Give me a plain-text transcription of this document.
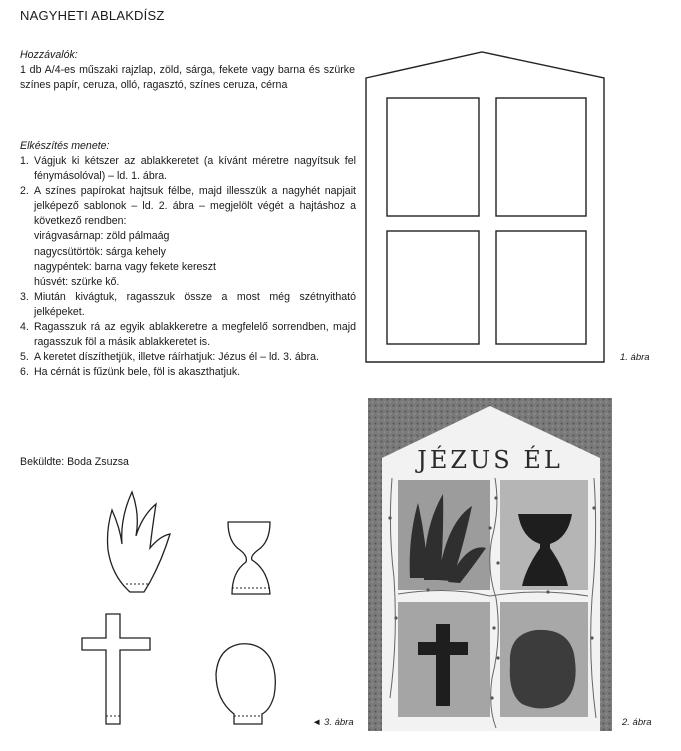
NAGYHETI ABLAKDÍSZ
Hozzávalók:
1 db A/4-es műszaki rajzlap, zöld, sárga, fekete vagy barna és szürke színes papír, ceruza, olló, ragasztó, színes ceruza, cérna
Elkészítés menete:
1. Vágjuk ki kétszer az ablakkeretet (a kívánt méretre nagyítsuk fel fénymásolóval) – ld. 1. ábra.
2. A színes papírokat hajtsuk félbe, majd illesszük a nagyhét napjait jelképező sablonok – ld. 2. ábra – megjelölt végét a hajtáshoz a következő rendben:
virágvasárnap: zöld pálmaág
nagycsütörtök: sárga kehely
nagypéntek: barna vagy fekete kereszt
húsvét: szürke kő.
3. Miután kivágtuk, ragasszuk össze a most még szétnyitható jelképeket.
4. Ragasszuk rá az egyik ablakkeretre a megfelelő sorrendben, majd ragasszuk föl a másik ablakkeretet is.
5. A keretet díszíthetjük, illetve ráírhatjuk: Jézus él – ld. 3. ábra.
6. Ha cérnát is fűzünk bele, föl is akaszthatjuk.
Beküldte: Boda Zsuzsa
1. ábra
JÉZUS ÉL
2. ábra
◄ 3. ábra
